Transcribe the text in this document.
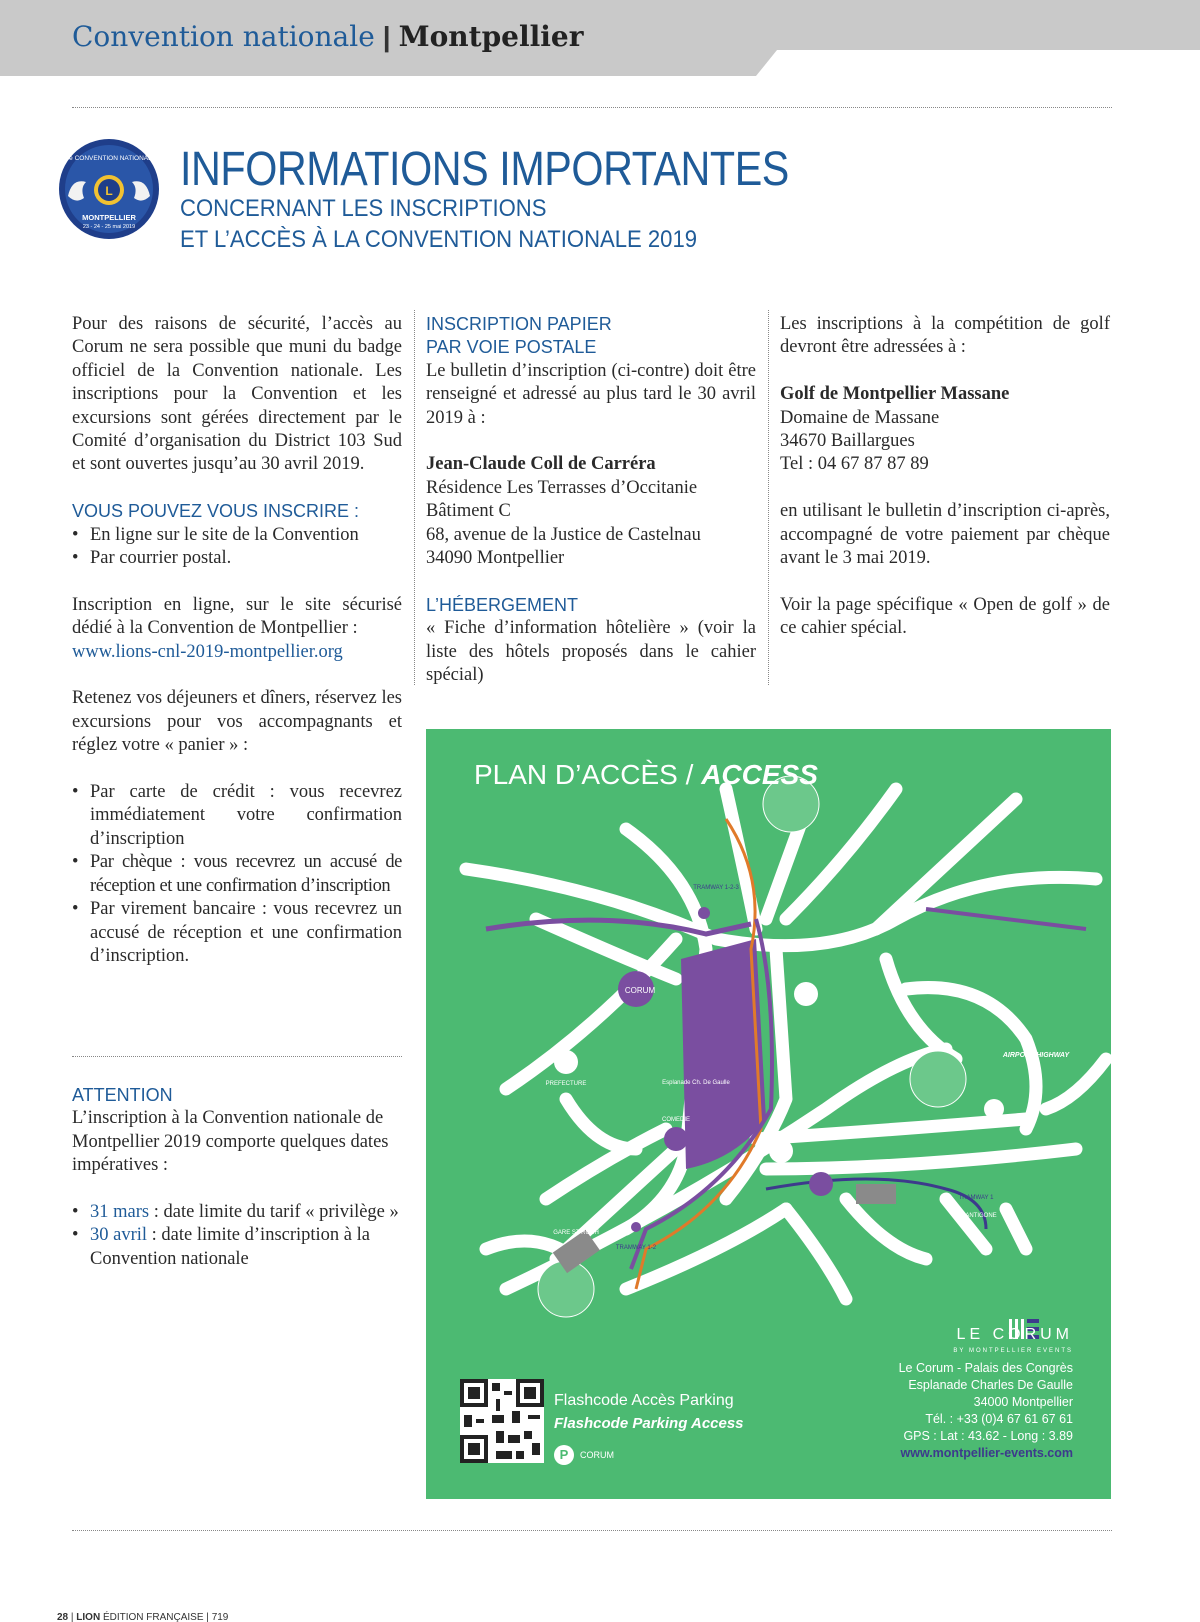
Convention nationale | Montpellier
L
68e CONVENTION NATIONALE
MONTPELLIER
23 - 24 - 25 mai 2019
INFORMATIONS IMPORTANTES
CONCERNANT LES INSCRIPTIONS
ET L’ACCÈS À LA CONVENTION NATIONALE 2019

Pour des raisons de sécurité, l’accès au Corum ne sera possible que muni du badge officiel de la Convention nationale. Les inscriptions pour la Convention et les excursions sont gérées directement par le Comité d’organisation du District 103 Sud et sont ouvertes jusqu’au 30 avril 2019.

VOUS POUVEZ VOUS INSCRIRE :
• En ligne sur le site de la Convention
• Par courrier postal.

Inscription en ligne, sur le site sécurisé dédié à la Convention de Montpellier :
www.lions-cnl-2019-montpellier.org

Retenez vos déjeuners et dîners, réservez les excursions pour vos accompagnants et réglez votre « panier » :

• Par carte de crédit : vous recevrez immédiatement votre confirmation d’inscription
• Par chèque : vous recevrez un accusé de réception et une confirmation d’inscription
• Par virement bancaire : vous recevrez un accusé de réception et une confirmation d’inscription.
ATTENTION

L’inscription à la Convention nationale de Montpellier 2019 comporte quelques dates impératives :

• 31 mars : date limite du tarif « privilège »
• 30 avril : date limite d’inscription à la Convention nationale
INSCRIPTION PAPIER
PAR VOIE POSTALE

Le bulletin d’inscription (ci-contre) doit être renseigné et adressé au plus tard le 30 avril 2019 à :

Jean-Claude Coll de Carréra
Résidence Les Terrasses d’Occitanie
Bâtiment C
68, avenue de la Justice de Castelnau

34090 Montpellier

L’HÉBERGEMENT

« Fiche d’information hôtelière » (voir la liste des hôtels proposés dans le cahier spécial)

Les inscriptions à la compétition de golf devront être adressées à :

Golf de Montpellier Massane
Domaine de Massane
34670 Baillargues

Tel : 04 67 87 87 89

en utilisant le bulletin d’inscription ci-après, accompagné de votre paiement par chèque avant le 3 mai 2019.

Voir la page spécifique « Open de golf » de ce cahier spécial.

CORUM
TRAMWAY 1-2-3
PREFECTURE	Esplanade Ch. De Gaulle
COMEDIE
POLYGONE
TRAMWAY 1
ANTIGONE
TRAMWAY 1-2
GARE ST ROCH
AIRPORT HIGHWAY
PLAN D’ACCÈS / ACCESS
Flashcode Accès Parking
Flashcode Parking Access
P	CORUM
LE CORUM
BY MONTPELLIER EVENTS
Le Corum - Palais des Congrès
Esplanade Charles De Gaulle
34000 Montpellier
Tél. : +33 (0)4 67 61 67 61
GPS : Lat : 43.62 - Long : 3.89
www.montpellier-events.com
28 | LION ÉDITION FRANÇAISE | 719
